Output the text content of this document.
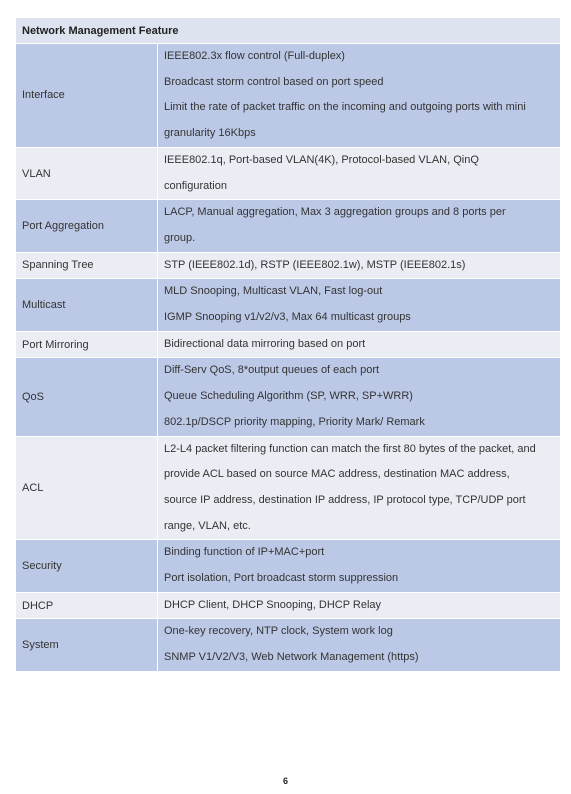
Network Management Feature	
Interface	IEEE802.3x flow control (Full-duplex)
Broadcast storm control based on port speed
Limit the rate of packet traffic on the incoming and outgoing ports with mini
granularity 16Kbps

VLAN	IEEE802.1q, Port-based VLAN(4K), Protocol-based VLAN, QinQ
configuration

Port Aggregation	LACP, Manual aggregation, Max 3 aggregation groups and 8 ports per
group.

Spanning Tree	STP (IEEE802.1d), RSTP (IEEE802.1w), MSTP (IEEE802.1s)

Multicast	MLD Snooping, Multicast VLAN, Fast log-out
IGMP Snooping v1/v2/v3, Max 64 multicast groups

Port Mirroring	Bidirectional data mirroring based on port

QoS	Diff-Serv QoS, 8*output queues of each port
Queue Scheduling Algorithm (SP, WRR, SP+WRR)
802.1p/DSCP priority mapping, Priority Mark/ Remark

ACL	L2-L4 packet filtering function can match the first 80 bytes of the packet, and
provide ACL based on source MAC address, destination MAC address,
source IP address, destination IP address, IP protocol type, TCP/UDP port
range, VLAN, etc.

Security	Binding function of IP+MAC+port
Port isolation, Port broadcast storm suppression

DHCP	DHCP Client, DHCP Snooping, DHCP Relay

System	One-key recovery, NTP clock, System work log
SNMP V1/V2/V3, Web Network Management (https)
6
